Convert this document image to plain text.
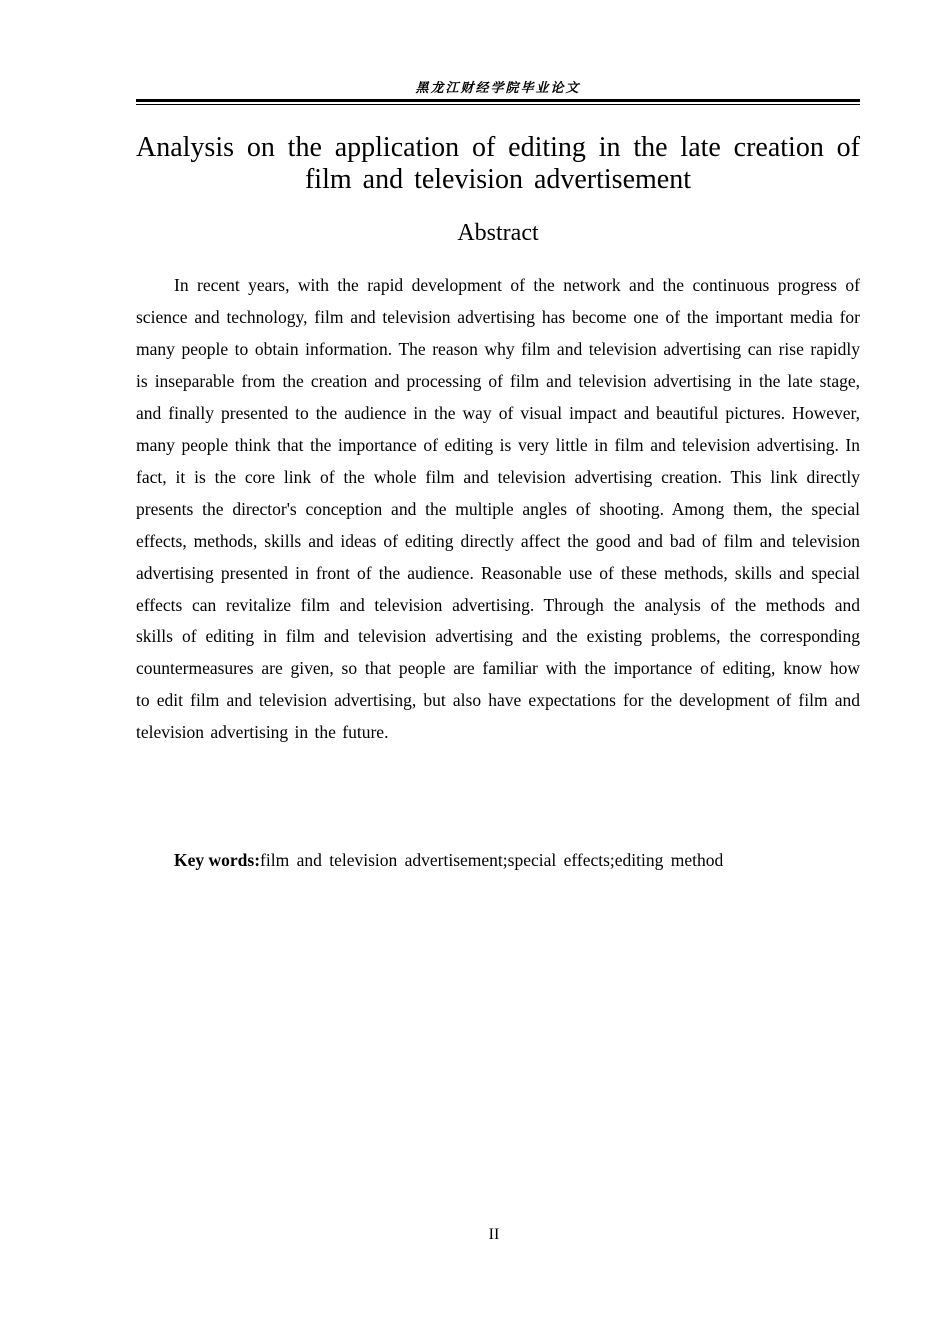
黑龙江财经学院毕业论文
Analysis on the application of editing in the late creation of film and television advertisement
Abstract

In recent years, with the rapid development of the network and the continuous progress of science and technology, film and television advertising has become one of the important media for many people to obtain information. The reason why film and television advertising can rise rapidly is inseparable from the creation and processing of film and television advertising in the late stage, and finally presented to the audience in the way of visual impact and beautiful pictures. However, many people think that the importance of editing is very little in film and television advertising. In fact, it is the core link of the whole film and television advertising creation. This link directly presents the director's conception and the multiple angles of shooting. Among them, the special effects, methods, skills and ideas of editing directly affect the good and bad of film and television advertising presented in front of the audience. Reasonable use of these methods, skills and special effects can revitalize film and television advertising. Through the analysis of the methods and skills of editing in film and television advertising and the existing problems, the corresponding countermeasures are given, so that people are familiar with the importance of editing, know how to edit film and television advertising, but also have expectations for the development of film and television advertising in the future.

Key words:film and television advertisement;special effects;editing method

II
